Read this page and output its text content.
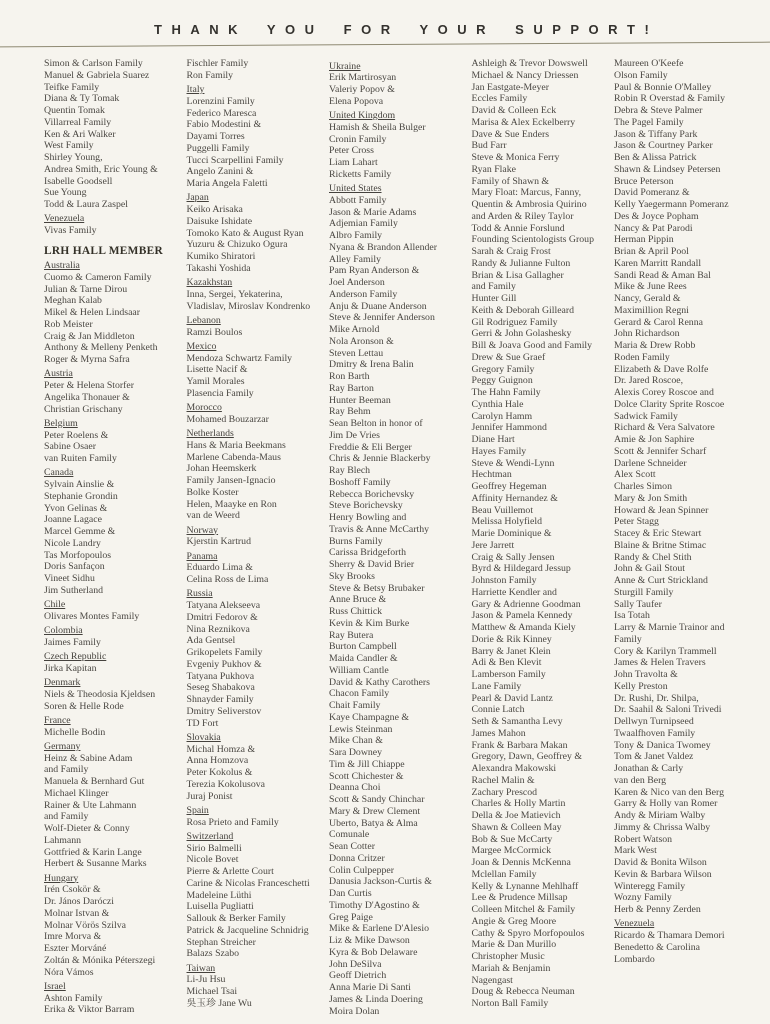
THANK YOU FOR YOUR SUPPORT!
Simon & Carlson Family
Manuel & Gabriela Suarez
Teifke Family
Diana & Ty Tomak
Quentin Tomak
Villarreal Family
Ken & Ari Walker
West Family
Shirley Young,
Andrea Smith, Eric Young &
Isabelle Goodsell
Sue Young
Todd & Laura Zaspel
Venezuela
Vivas Family
LRH HALL MEMBER
Australia
Cuomo & Cameron Family
Julian & Tarne Dirou
Meghan Kalab
Mikel & Helen Lindsaar
Rob Meister
Craig & Jan Middleton
Anthony & Melleny Penketh
Roger & Myrna Safra
Austria
Peter & Helena Storfer
Angelika Thonauer &
Christian Grischany
Belgium
Peter Roelens &
Sabine Osaer
van Ruiten Family
Canada
Sylvain Ainslie &
Stephanie Grondin
Yvon Gelinas &
Joanne Lagace
Marcel Gemme &
Nicole Landry
Tas Morfopoulos
Doris Sanfaçon
Vineet Sidhu
Jim Sutherland
Chile
Olivares Montes Family
Colombia
Jaimes Family
Czech Republic
Jirka Kapitan
Denmark
Niels & Theodosia Kjeldsen
Soren & Helle Rode
France
Michelle Bodin
Germany
Heinz & Sabine Adam
and Family
Manuela & Bernhard Gut
Michael Klinger
Rainer & Ute Lahmann
and Family
Wolf-Dieter & Conny
Lahmann
Gottfried & Karin Lange
Herbert & Susanne Marks
Hungary
Irén Csokör &
Dr. János Daróczi
Molnar Istvan &
Molnar Vörös Szilva
Imre Morva &
Eszter Morváné
Zoltán & Mónika Péterszegi
Nóra Vámos
Israel
Ashton Family
Erika & Viktor Barram
Fischler Family
Ron Family
Italy
Lorenzini Family
Federico Maresca
Fabio Modestini &
Dayami Torres
Puggelli Family
Tucci Scarpellini Family
Angelo Zanini &
Maria Angela Faletti
Japan
Keiko Arisaka
Daisuke Ishidate
Tomoko Kato & August Ryan
Yuzuru & Chizuko Ogura
Kumiko Shiratori
Takashi Yoshida
Kazakhstan
Inna, Sergei, Yekaterina,
Vladislav, Miroslav Kondrenko
Lebanon
Ramzi Boulos
Mexico
Mendoza Schwartz Family
Lisette Nacif &
Yamil Morales
Plasencia Family
Morocco
Mohamed Bouzarzar
Netherlands
Hans & Maria Beekmans
Marlene Cabenda-Maus
Johan Heemskerk
Family Jansen-Ignacio
Bolke Koster
Helen, Maayke en Ron
van de Weerd
Norway
Kjerstin Kartrud
Panama
Eduardo Lima &
Celina Ross de Lima
Russia
Tatyana Alekseeva
Dmitri Fedorov &
Nina Reznikova
Ada Gentsel
Grikopelets Family
Evgeniy Pukhov &
Tatyana Pukhova
Seseg Shabakova
Shnayder Family
Dmitry Seliverstov
TD Fort
Slovakia
Michal Homza &
Anna Homzova
Peter Kokolus &
Terezia Kokolusova
Juraj Ponist
Spain
Rosa Prieto and Family
Switzerland
Sirio Balmelli
Nicole Bovet
Pierre & Arlette Court
Carine & Nicolas Franceschetti
Madeleine Lüthi
Luisella Pugliatti
Sallouk & Berker Family
Patrick & Jacqueline Schnidrig
Stephan Streicher
Balazs Szabo
Taiwan
Li-Ju Hsu
Michael Tsai
吳玉珍 Jane Wu
Ukraine
Erik Martirosyan
Valeriy Popov &
Elena Popova
United Kingdom
Hamish & Sheila Bulger
Cronin Family
Peter Cross
Liam Lahart
Ricketts Family
United States
Abbott Family
Jason & Marie Adams
Adjemian Family
Albro Family
Nyana & Brandon Allender
Alley Family
Pam Ryan Anderson &
Joel Anderson
Anderson Family
Anju & Duane Anderson
Steve & Jennifer Anderson
Mike Arnold
Nola Aronson &
Steven Lettau
Dmitry & Irena Balin
Ron Barth
Ray Barton
Hunter Beeman
Ray Behm
Sean Belton in honor of
Jim De Vries
Freddie & Eli Berger
Chris & Jennie Blackerby
Ray Blech
Boshoff Family
Rebecca Borichevsky
Steve Borichevsky
Henry Bowling and
Travis & Anne McCarthy
Burns Family
Carissa Bridgeforth
Sherry & David Brier
Sky Brooks
Steve & Betsy Brubaker
Anne Bruce &
Russ Chittick
Kevin & Kim Burke
Ray Butera
Burton Campbell
Maida Candler &
William Cantle
David & Kathy Carothers
Chacon Family
Chait Family
Kaye Champagne &
Lewis Steinman
Mike Chan &
Sara Downey
Tim & Jill Chiappe
Scott Chichester &
Deanna Choi
Scott & Sandy Chinchar
Mary & Drew Clement
Uberto, Batya & Alma
Comunale
Sean Cotter
Donna Critzer
Colin Culpepper
Danusia Jackson-Curtis &
Dan Curtis
Timothy D'Agostino &
Greg Paige
Mike & Earlene D'Alesio
Liz & Mike Dawson
Kyra & Bob Delaware
John DeSilva
Geoff Dietrich
Anna Marie Di Santi
James & Linda Doering
Moira Dolan
Ashleigh & Trevor Dowswell
Michael & Nancy Driessen
Jan Eastgate-Meyer
Eccles Family
David & Colleen Eck
Marisa & Alex Eckelberry
Dave & Sue Enders
Bud Farr
Steve & Monica Ferry
Ryan Flake
Family of Shawn &
Mary Float: Marcus, Fanny,
Quentin & Ambrosia Quirino
and Arden & Riley Taylor
Todd & Annie Forslund
Founding Scientologists Group
Sarah & Craig Frost
Randy & Julianne Fulton
Brian & Lisa Gallagher
and Family
Hunter Gill
Keith & Deborah Gilleard
Gil Rodriguez Family
Gerri & John Golashesky
Bill & Joava Good and Family
Drew & Sue Graef
Gregory Family
Peggy Guignon
The Hahn Family
Cynthia Hale
Carolyn Hamm
Jennifer Hammond
Diane Hart
Hayes Family
Steve & Wendi-Lynn
Hechtman
Geoffrey Hegeman
Affinity Hernandez &
Beau Vuillemot
Melissa Holyfield
Marie Dominique &
Jere Jarrett
Craig & Sally Jensen
Byrd & Hildegard Jessup
Johnston Family
Harriette Kendler and
Gary & Adrienne Goodman
Jason & Pamela Kennedy
Matthew & Amanda Kiely
Dorie & Rik Kinney
Barry & Janet Klein
Adi & Ben Klevit
Lamberson Family
Lane Family
Pearl & David Lantz
Connie Latch
Seth & Samantha Levy
James Mahon
Frank & Barbara Makan
Gregory, Dawn, Geoffrey &
Alexandra Makowski
Rachel Malin &
Zachary Prescod
Charles & Holly Martin
Della & Joe Matievich
Shawn & Colleen May
Bob & Sue McCarty
Margee McCormick
Joan & Dennis McKenna
Mclellan Family
Kelly & Lynanne Mehlhaff
Lee & Prudence Millsap
Colleen Mitchel & Family
Angie & Greg Moore
Cathy & Spyro Morfopoulos
Marie & Dan Murillo
Christopher Music
Mariah & Benjamin
Nagengast
Doug & Rebecca Neuman
Norton Ball Family
Maureen O'Keefe
Olson Family
Paul & Bonnie O'Malley
Robin R Overstad & Family
Debra & Steve Palmer
The Pagel Family
Jason & Tiffany Park
Jason & Courtney Parker
Ben & Alissa Patrick
Shawn & Lindsey Petersen
Bruce Peterson
David Pomeranz &
Kelly Yaegermann Pomeranz
Des & Joyce Popham
Nancy & Pat Parodi
Herman Pippin
Brian & April Pool
Karen Marritt Randall
Sandi Read & Aman Bal
Mike & June Rees
Nancy, Gerald &
Maximillion Regni
Gerard & Carol Renna
John Richardson
Maria & Drew Robb
Roden Family
Elizabeth & Dave Rolfe
Dr. Jared Roscoe,
Alexis Corey Roscoe and
Dolce Clarity Sprite Roscoe
Sadwick Family
Richard & Vera Salvatore
Amie & Jon Saphire
Scott & Jennifer Scharf
Darlene Schneider
Alex Scott
Charles Simon
Mary & Jon Smith
Howard & Jean Spinner
Peter Stagg
Stacey & Eric Stewart
Blaine & Britne Stimac
Randy & Chel Stith
John & Gail Stout
Anne & Curt Strickland
Sturgill Family
Sally Taufer
Isa Totah
Larry & Marnie Trainor and
Family
Cory & Karilyn Trammell
James & Helen Travers
John Travolta &
Kelly Preston
Dr. Rushi, Dr. Shilpa,
Dr. Saahil & Saloni Trivedi
Dellwyn Turnipseed
Twaalfhoven Family
Tony & Danica Twomey
Tom & Janet Valdez
Jonathan & Carly
van den Berg
Karen & Nico van den Berg
Garry & Holly van Romer
Andy & Miriam Walby
Jimmy & Chrissa Walby
Robert Watson
Mark West
David & Bonita Wilson
Kevin & Barbara Wilson
Winteregg Family
Wozny Family
Herb & Penny Zerden
Venezuela
Ricardo & Thamara Demori
Benedetto & Carolina
Lombardo
